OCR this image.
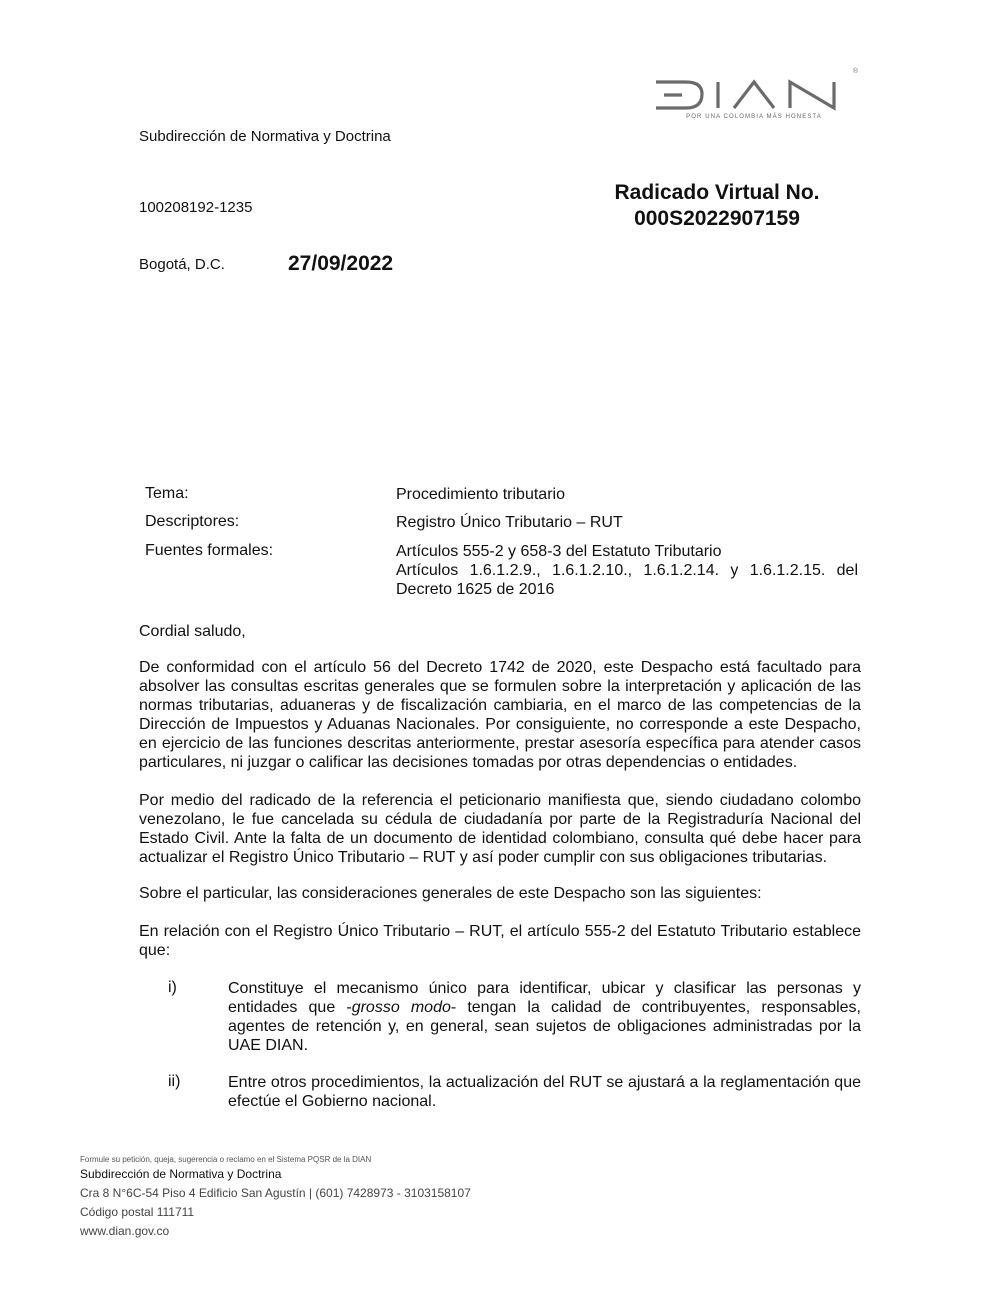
®
POR UNA COLOMBIA MÁS HONESTA
Subdirección de Normativa y Doctrina
100208192-1235
Radicado Virtual No.
000S2022907159
Bogotá, D.C.	27/09/2022
Tema:	Procedimiento tributario
Descriptores:	Registro Único Tributario – RUT
Fuentes formales:	Artículos 555-2 y 658-3 del Estatuto Tributario
Artículos 1.6.1.2.9., 1.6.1.2.10., 1.6.1.2.14. y 1.6.1.2.15. del
Decreto 1625 de 2016
Cordial saludo,
De conformidad con el artículo 56 del Decreto 1742 de 2020, este Despacho está facultado para absolver las consultas escritas generales que se formulen sobre la interpretación y aplicación de las normas tributarias, aduaneras y de fiscalización cambiaria, en el marco de las competencias de la Dirección de Impuestos y Aduanas Nacionales. Por consiguiente, no corresponde a este Despacho, en ejercicio de las funciones descritas anteriormente, prestar asesoría específica para atender casos particulares, ni juzgar o calificar las decisiones tomadas por otras dependencias o entidades.
Por medio del radicado de la referencia el peticionario manifiesta que, siendo ciudadano colombo venezolano, le fue cancelada su cédula de ciudadanía por parte de la Registraduría Nacional del Estado Civil. Ante la falta de un documento de identidad colombiano, consulta qué debe hacer para actualizar el Registro Único Tributario – RUT y así poder cumplir con sus obligaciones tributarias.
Sobre el particular, las consideraciones generales de este Despacho son las siguientes:
En relación con el Registro Único Tributario – RUT, el artículo 555-2 del Estatuto Tributario establece que:
i)	Constituye el mecanismo único para identificar, ubicar y clasificar las personas y entidades que -grosso modo- tengan la calidad de contribuyentes, responsables, agentes de retención y, en general, sean sujetos de obligaciones administradas por la UAE DIAN.
ii)	Entre otros procedimientos, la actualización del RUT se ajustará a la reglamentación que efectúe el Gobierno nacional.
Formule su petición, queja, sugerencia o reclamo en el Sistema PQSR de la DIAN
Subdirección de Normativa y Doctrina
Cra 8 N°6C-54 Piso 4 Edificio San Agustín | (601) 7428973 - 3103158107
Código postal 111711
www.dian.gov.co
